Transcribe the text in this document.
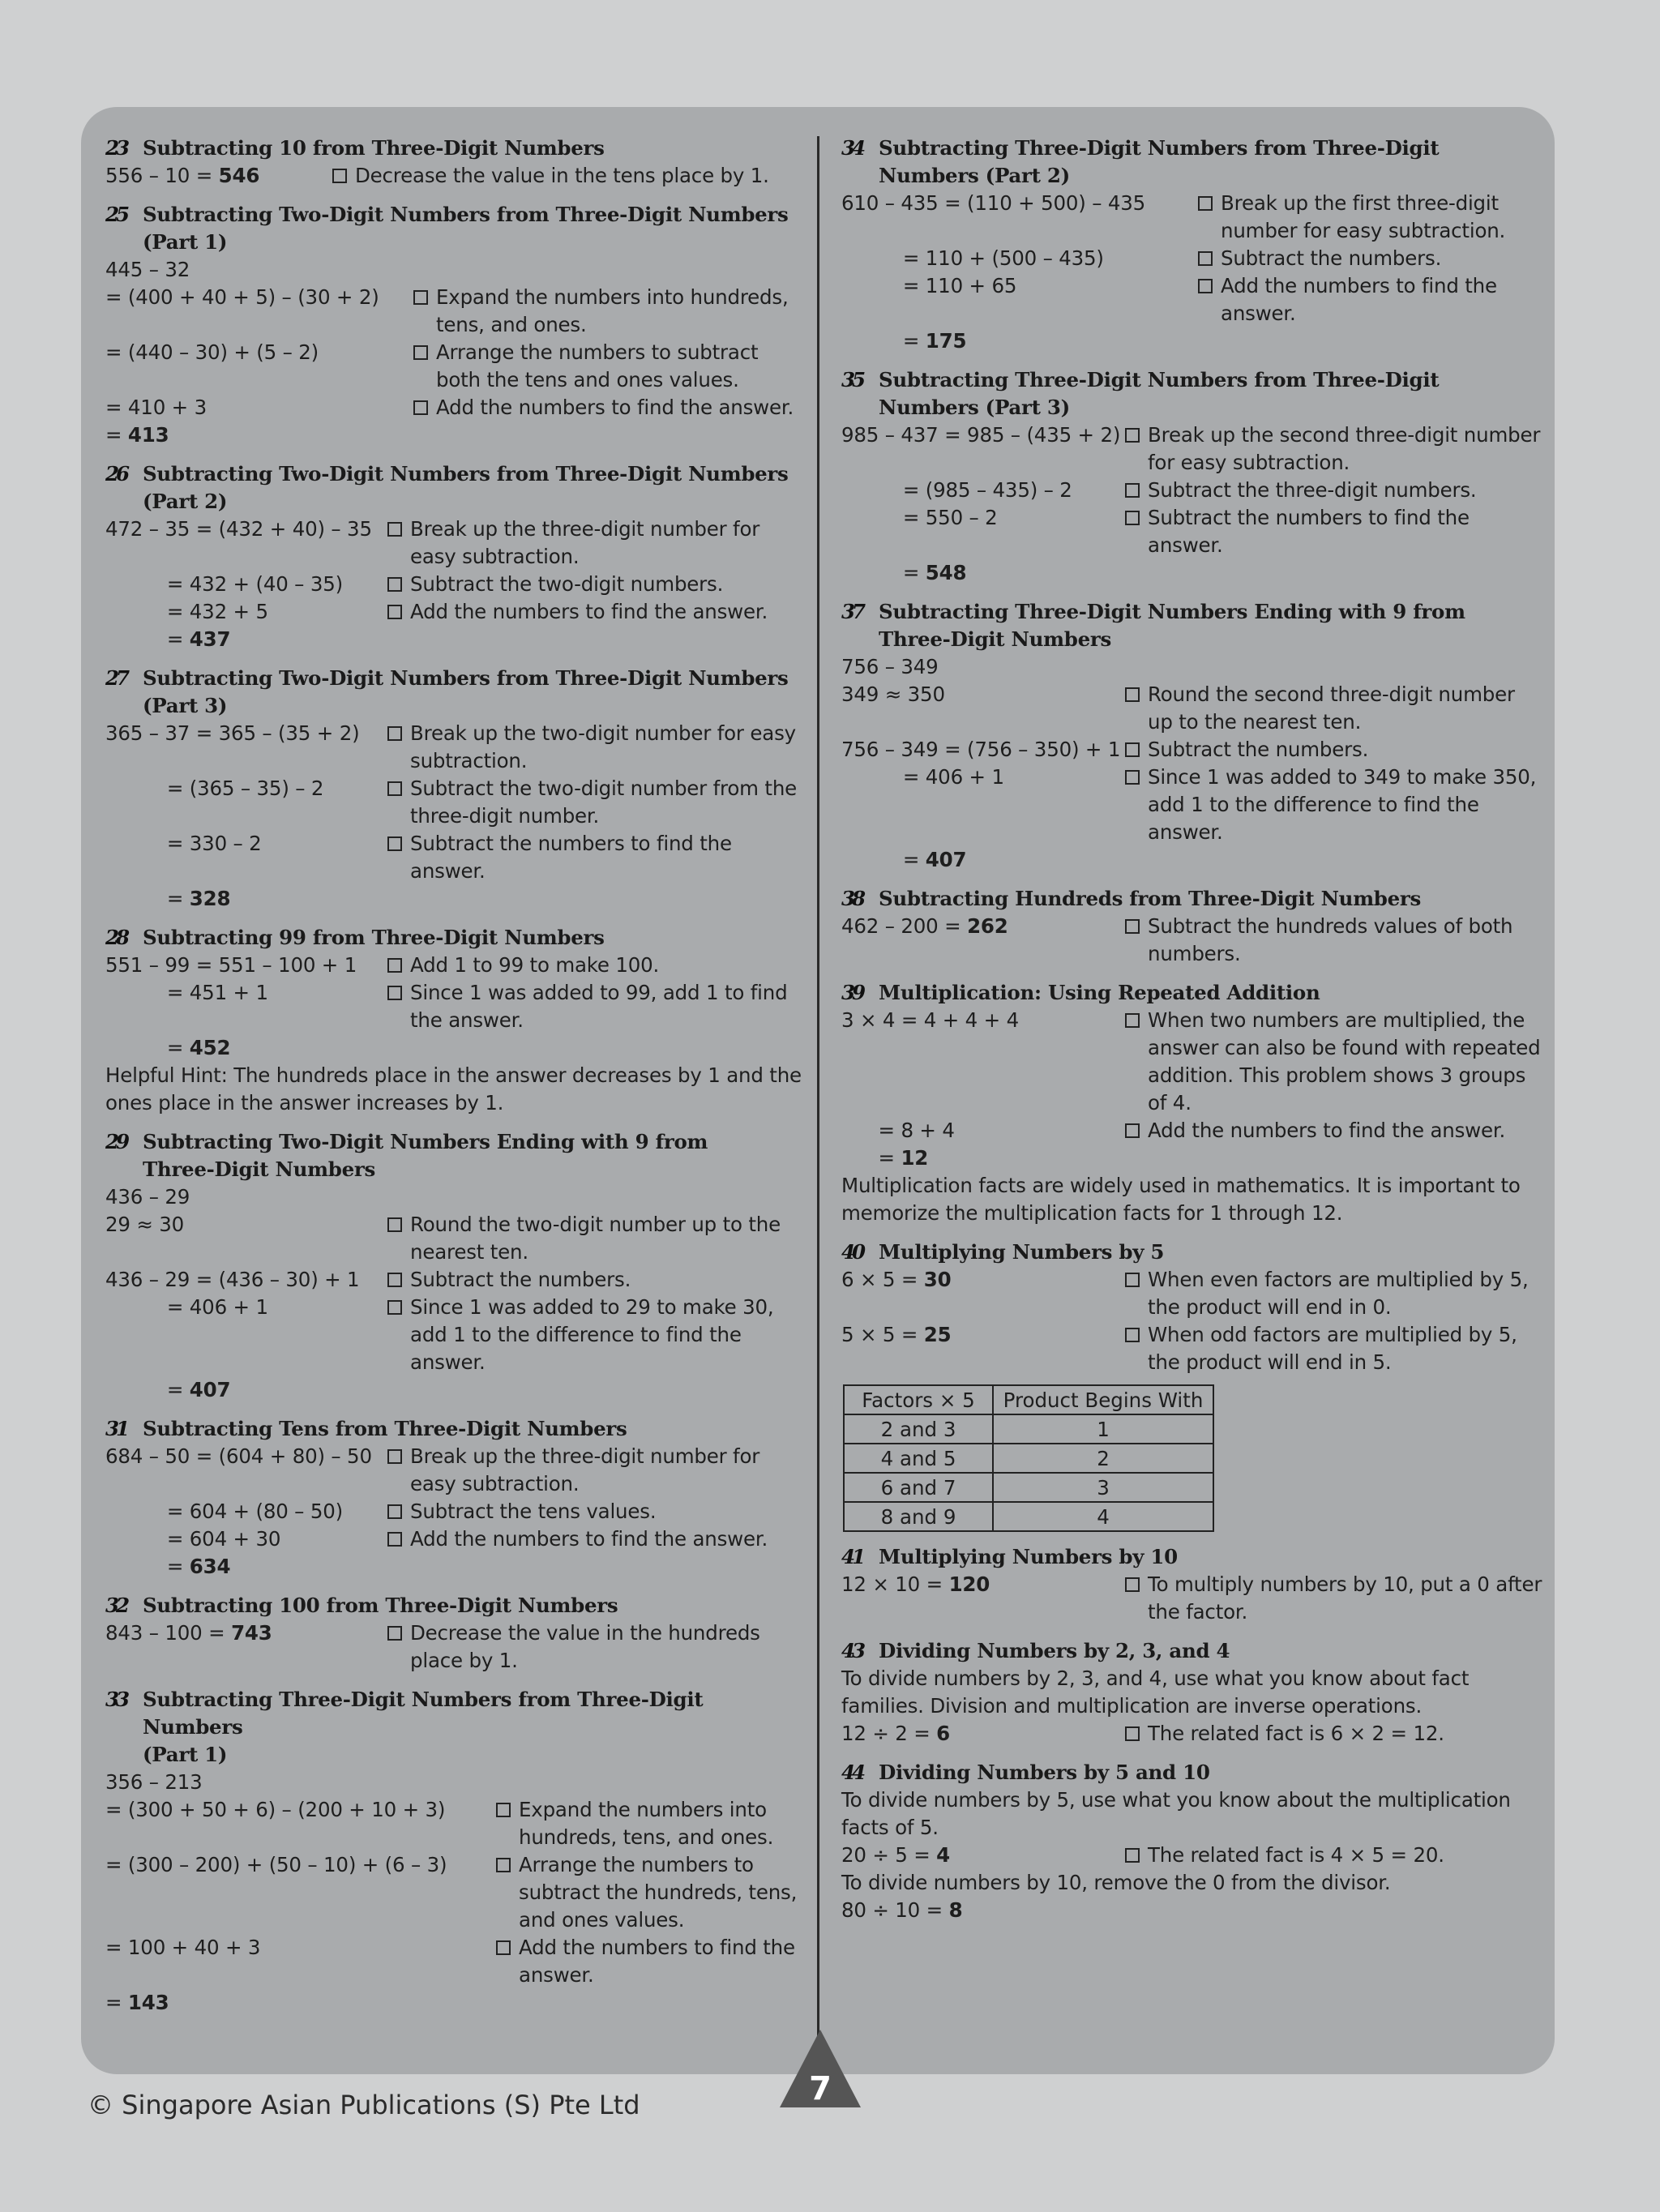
23 Subtracting 10 from Three-Digit Numbers
556 – 10 = 546	Decrease the value in the tens place by 1.
25 Subtracting Two-Digit Numbers from Three-Digit Numbers (Part 1)
445 – 32
= (400 + 40 + 5) – (30 + 2)	Expand the numbers into hundreds, tens, and ones.
= (440 – 30) + (5 – 2)	Arrange the numbers to subtract both the tens and ones values.
= 410 + 3	Add the numbers to find the answer.
= 413
26 Subtracting Two-Digit Numbers from Three-Digit Numbers (Part 2)
472 – 35 = (432 + 40) – 35	Break up the three-digit number for easy subtraction.
= 432 + (40 – 35)	Subtract the two-digit numbers.
= 432 + 5	Add the numbers to find the answer.
= 437
27 Subtracting Two-Digit Numbers from Three-Digit Numbers (Part 3)
365 – 37 = 365 – (35 + 2)	Break up the two-digit number for easy subtraction.
= (365 – 35) – 2	Subtract the two-digit number from the three-digit number.
= 330 – 2	Subtract the numbers to find the answer.
= 328
28 Subtracting 99 from Three-Digit Numbers
551 – 99 = 551 – 100 + 1	Add 1 to 99 to make 100.
= 451 + 1	Since 1 was added to 99, add 1 to find the answer.
= 452
Helpful Hint: The hundreds place in the answer decreases by 1 and the ones place in the answer increases by 1.
29 Subtracting Two-Digit Numbers Ending with 9 from
Three-Digit Numbers
436 – 29
29 ≈ 30	Round the two-digit number up to the nearest ten.
436 – 29 = (436 – 30) + 1	Subtract the numbers.
= 406 + 1	Since 1 was added to 29 to make 30, add 1 to the difference to find the answer.
= 407
31 Subtracting Tens from Three-Digit Numbers
684 – 50 = (604 + 80) – 50	Break up the three-digit number for easy subtraction.
= 604 + (80 – 50)	Subtract the tens values.
= 604 + 30	Add the numbers to find the answer.
= 634
32 Subtracting 100 from Three-Digit Numbers
843 – 100 = 743	Decrease the value in the hundreds place by 1.
33 Subtracting Three-Digit Numbers from Three-Digit Numbers
(Part 1)
356 – 213
= (300 + 50 + 6) – (200 + 10 + 3)	Expand the numbers into hundreds, tens, and ones.
= (300 – 200) + (50 – 10) + (6 – 3)	Arrange the numbers to subtract the hundreds, tens, and ones values.
= 100 + 40 + 3	Add the numbers to find the answer.
= 143
34 Subtracting Three-Digit Numbers from Three-Digit Numbers (Part 2)
610 – 435 = (110 + 500) – 435	Break up the first three-digit number for easy subtraction.
= 110 + (500 – 435)	Subtract the numbers.
= 110 + 65	Add the numbers to find the answer.
= 175
35 Subtracting Three-Digit Numbers from Three-Digit Numbers (Part 3)
985 – 437 = 985 – (435 + 2)	Break up the second three-digit number for easy subtraction.
= (985 – 435) – 2	Subtract the three-digit numbers.
= 550 – 2	Subtract the numbers to find the answer.
= 548
37 Subtracting Three-Digit Numbers Ending with 9 from
Three-Digit Numbers
756 – 349
349 ≈ 350	Round the second three-digit number up to the nearest ten.
756 – 349 = (756 – 350) + 1	Subtract the numbers.
= 406 + 1	Since 1 was added to 349 to make 350, add 1 to the difference to find the answer.
= 407
38 Subtracting Hundreds from Three-Digit Numbers
462 – 200 = 262	Subtract the hundreds values of both numbers.
39 Multiplication: Using Repeated Addition
3 × 4 = 4 + 4 + 4	When two numbers are multiplied, the answer can also be found with repeated addition. This problem shows 3 groups of 4.
= 8 + 4	Add the numbers to find the answer.
= 12
Multiplication facts are widely used in mathematics. It is important to memorize the multiplication facts for 1 through 12.
40 Multiplying Numbers by 5
6 × 5 = 30	When even factors are multiplied by 5, the product will end in 0.
5 × 5 = 25	When odd factors are multiplied by 5, the product will end in 5.
Factors × 5	Product Begins With
2 and 3	1
4 and 5	2
6 and 7	3
8 and 9	4
41 Multiplying Numbers by 10
12 × 10 = 120	To multiply numbers by 10, put a 0 after the factor.
43 Dividing Numbers by 2, 3, and 4
To divide numbers by 2, 3, and 4, use what you know about fact families. Division and multiplication are inverse operations.
12 ÷ 2 = 6	The related fact is 6 × 2 = 12.
44 Dividing Numbers by 5 and 10
To divide numbers by 5, use what you know about the multiplication facts of 5.
20 ÷ 5 = 4	The related fact is 4 × 5 = 20.
To divide numbers by 10, remove the 0 from the divisor.
80 ÷ 10 = 8
7
© Singapore Asian Publications (S) Pte Ltd
